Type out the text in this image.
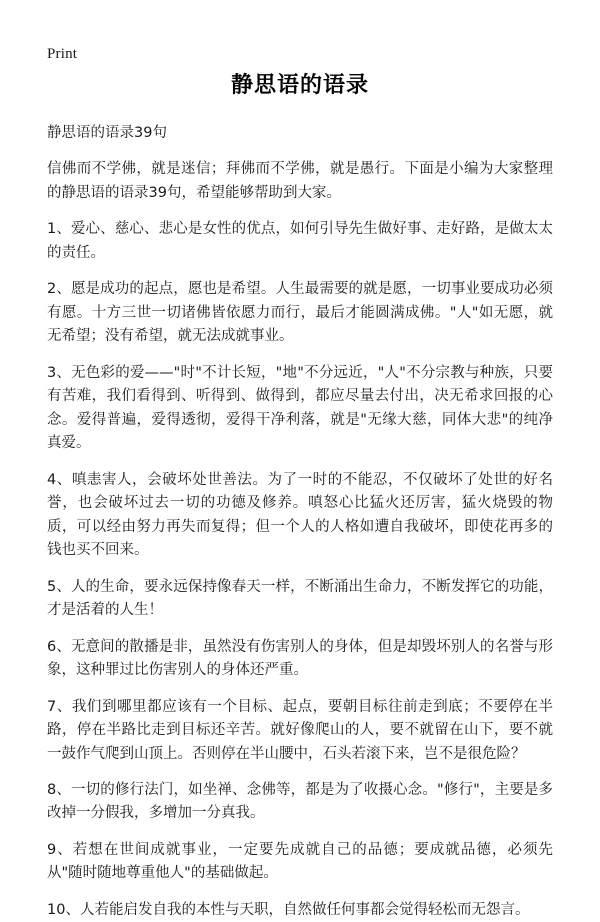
Print
静思语的语录

静思语的语录39句

信佛而不学佛，就是迷信；拜佛而不学佛，就是愚行。下面是小编为大家整理的静思语的语录39句，希望能够帮助到大家。

1、爱心、慈心、悲心是女性的优点，如何引导先生做好事、走好路，是做太太的责任。

2、愿是成功的起点，愿也是希望。人生最需要的就是愿，一切事业要成功必须有愿。十方三世一切诸佛皆依愿力而行，最后才能圆满成佛。"人"如无愿，就无希望；没有希望，就无法成就事业。

3、无色彩的爱——"时"不计长短，"地"不分远近，"人"不分宗教与种族，只要有苦难，我们看得到、听得到、做得到，都应尽量去付出，决无希求回报的心念。爱得普遍，爱得透彻，爱得干净利落，就是"无缘大慈，同体大悲"的纯净真爱。

4、嗔恚害人，会破坏处世善法。为了一时的不能忍，不仅破坏了处世的好名誉，也会破坏过去一切的功德及修养。嗔怒心比猛火还厉害，猛火烧毁的物质，可以经由努力再失而复得；但一个人的人格如遭自我破坏，即使花再多的钱也买不回来。

5、人的生命，要永远保持像春天一样，不断涌出生命力，不断发挥它的功能，才是活着的人生！

6、无意间的散播是非，虽然没有伤害别人的身体，但是却毁坏别人的名誉与形象，这种罪过比伤害别人的身体还严重。

7、我们到哪里都应该有一个目标、起点，要朝目标往前走到底；不要停在半路，停在半路比走到目标还辛苦。就好像爬山的人，要不就留在山下，要不就一鼓作气爬到山顶上。否则停在半山腰中，石头若滚下来，岂不是很危险？

8、一切的修行法门，如坐禅、念佛等，都是为了收摄心念。"修行"，主要是多改掉一分假我，多增加一分真我。

9、若想在世间成就事业，一定要先成就自己的品德；要成就品德，必须先从"随时随地尊重他人"的基础做起。

10、人若能启发自我的本性与天职，自然做任何事都会觉得轻松而无怨言。
